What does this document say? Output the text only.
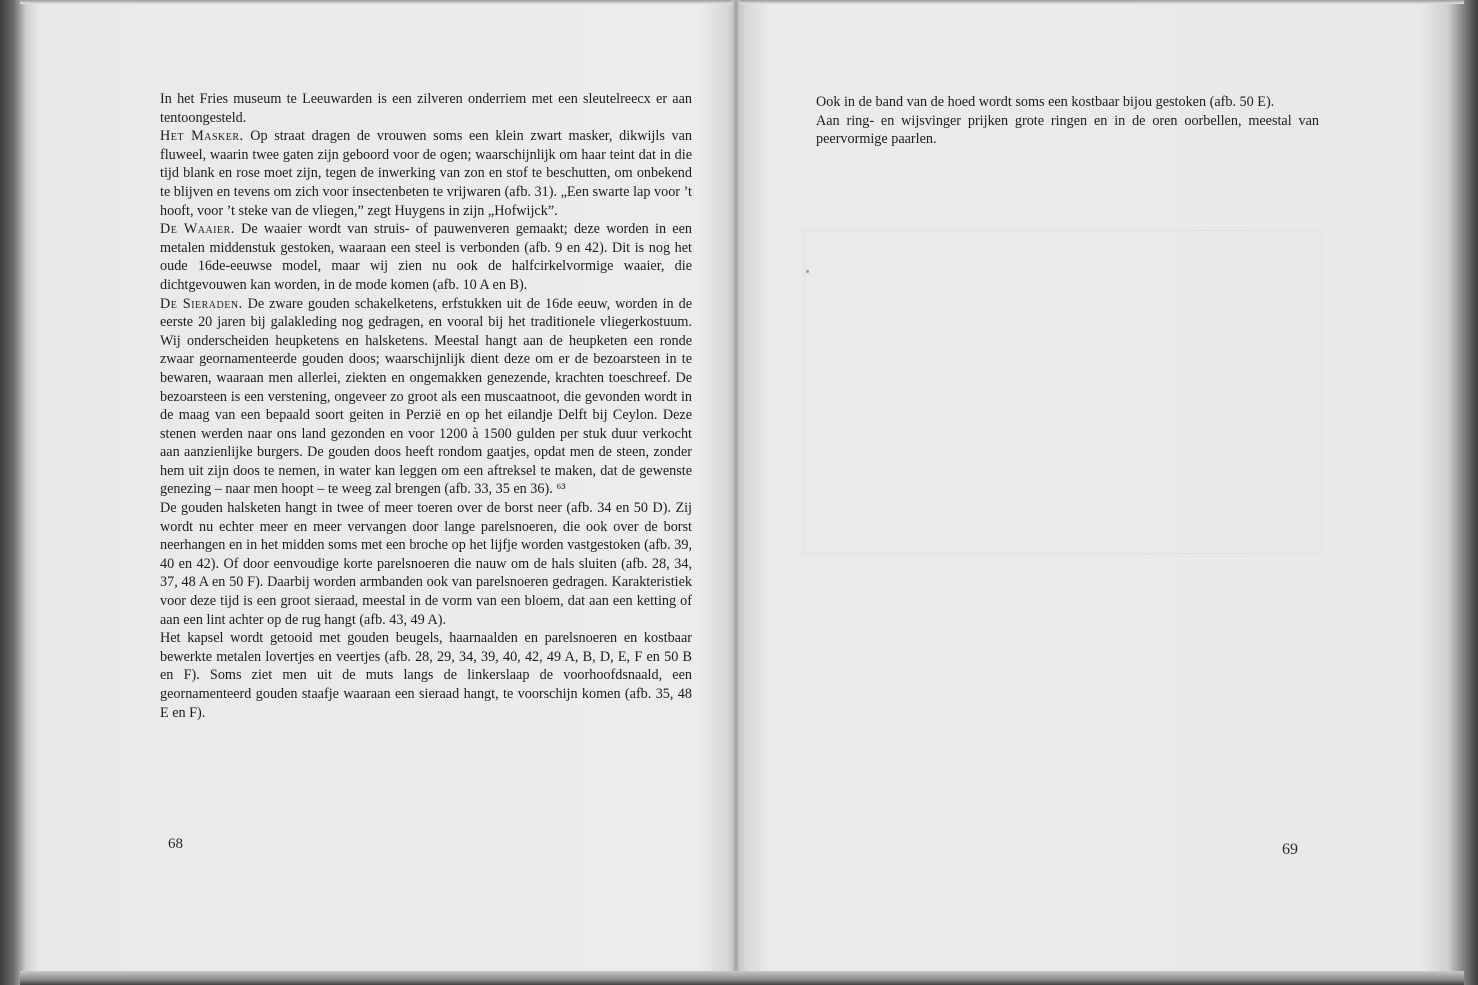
In het Fries museum te Leeuwarden is een zilveren onderriem met een sleutelreecx er aan tentoongesteld.

Het Masker. Op straat dragen de vrouwen soms een klein zwart masker, dikwijls van fluweel, waarin twee gaten zijn geboord voor de ogen; waarschijnlijk om haar teint dat in die tijd blank en rose moet zijn, tegen de inwerking van zon en stof te beschutten, om onbekend te blijven en tevens om zich voor insectenbeten te vrijwaren (afb. 31). „Een swarte lap voor ’t hooft, voor ’t steke van de vliegen,” zegt Huygens in zijn „Hofwijck”.

De Waaier. De waaier wordt van struis- of pauwenveren gemaakt; deze worden in een metalen middenstuk gestoken, waaraan een steel is verbonden (afb. 9 en 42). Dit is nog het oude 16de-eeuwse model, maar wij zien nu ook de halfcirkelvormige waaier, die dichtgevouwen kan worden, in de mode komen (afb. 10 A en B).

De Sieraden. De zware gouden schakelketens, erfstukken uit de 16de eeuw, worden in de eerste 20 jaren bij galakleding nog gedragen, en vooral bij het traditionele vliegerkostuum. Wij onderscheiden heupketens en halsketens. Meestal hangt aan de heupketen een ronde zwaar geornamenteerde gouden doos; waarschijnlijk dient deze om er de bezoarsteen in te bewaren, waaraan men allerlei, ziekten en ongemakken genezende, krachten toeschreef. De bezoarsteen is een verstening, ongeveer zo groot als een muscaatnoot, die gevonden wordt in de maag van een bepaald soort geiten in Perzië en op het eilandje Delft bij Ceylon. Deze stenen werden naar ons land gezonden en voor 1200 à 1500 gulden per stuk duur verkocht aan aanzienlijke burgers. De gouden doos heeft rondom gaatjes, opdat men de steen, zonder hem uit zijn doos te nemen, in water kan leggen om een aftreksel te maken, dat de gewenste genezing – naar men hoopt – te weeg zal brengen (afb. 33, 35 en 36). ⁶³

De gouden halsketen hangt in twee of meer toeren over de borst neer (afb. 34 en 50 D). Zij wordt nu echter meer en meer vervangen door lange parelsnoeren, die ook over de borst neerhangen en in het midden soms met een broche op het lijfje worden vastgestoken (afb. 39, 40 en 42). Of door eenvoudige korte parelsnoeren die nauw om de hals sluiten (afb. 28, 34, 37, 48 A en 50 F). Daarbij worden armbanden ook van parelsnoeren gedragen. Karakteristiek voor deze tijd is een groot sieraad, meestal in de vorm van een bloem, dat aan een ketting of aan een lint achter op de rug hangt (afb. 43, 49 A).

Het kapsel wordt getooid met gouden beugels, haarnaalden en parelsnoeren en kostbaar bewerkte metalen lovertjes en veertjes (afb. 28, 29, 34, 39, 40, 42, 49 A, B, D, E, F en 50 B en F). Soms ziet men uit de muts langs de linkerslaap de voorhoofdsnaald, een geornamenteerd gouden staafje waaraan een sieraad hangt, te voorschijn komen (afb. 35, 48 E en F).

68

Ook in de band van de hoed wordt soms een kostbaar bijou gestoken (afb. 50 E).

Aan ring- en wijsvinger prijken grote ringen en in de oren oorbellen, meestal van peervormige paarlen.

69
